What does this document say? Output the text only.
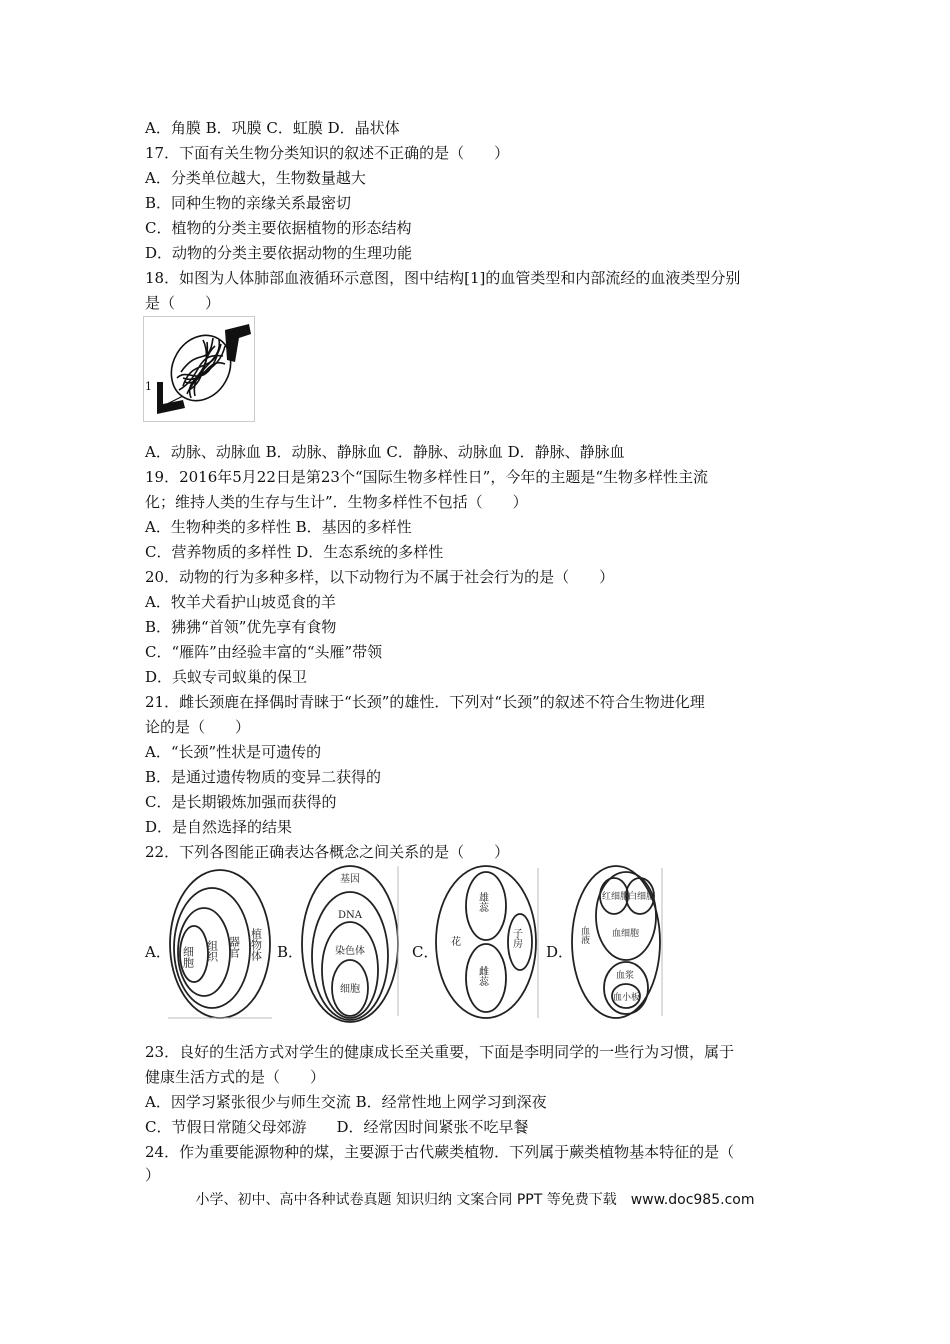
A．角膜 B．巩膜 C．虹膜 D．晶状体
17．下面有关生物分类知识的叙述不正确的是（　　）
A．分类单位越大，生物数量越大
B．同种生物的亲缘关系最密切
C．植物的分类主要依据植物的形态结构
D．动物的分类主要依据动物的生理功能
18．如图为人体肺部血液循环示意图，图中结构[1]的血管类型和内部流经的血液类型分别
是（　　）
1
A．动脉、动脉血 B．动脉、静脉血 C．静脉、动脉血 D．静脉、静脉血
19．2016年5月22日是第23个“国际生物多样性日”，今年的主题是“生物多样性主流
化；维持人类的生存与生计”．生物多样性不包括（　　）
A．生物种类的多样性 B．基因的多样性
C．营养物质的多样性 D．生态系统的多样性
20．动物的行为多种多样，以下动物行为不属于社会行为的是（　　）
A．牧羊犬看护山坡觅食的羊
B．狒狒“首领”优先享有食物
C．“雁阵”由经验丰富的“头雁”带领
D．兵蚁专司蚁巢的保卫
21．雌长颈鹿在择偶时青睐于“长颈”的雄性．下列对“长颈”的叙述不符合生物进化理
论的是（　　）
A．“长颈”性状是可遗传的
B．是通过遗传物质的变异二获得的
C．是长期锻炼加强而获得的
D．是自然选择的结果
22．下列各图能正确表达各概念之间关系的是（　　）
A．	B．	C．	D．
细胞 组织 器官 植物体
基因
DNA
染色体
细胞
花
雄蕊
雌蕊
子房	血液
红细胞
白细胞
血细胞
血浆
血小板
23．良好的生活方式对学生的健康成长至关重要，下面是李明同学的一些行为习惯，属于
健康生活方式的是（　　）
A．因学习紧张很少与师生交流 B．经常性地上网学习到深夜
C．节假日常随父母郊游　　D．经常因时间紧张不吃早餐
24．作为重要能源物种的煤，主要源于古代蕨类植物．下列属于蕨类植物基本特征的是（
）
小学、初中、高中各种试卷真题 知识归纳 文案合同 PPT 等免费下载　www.doc985.com
